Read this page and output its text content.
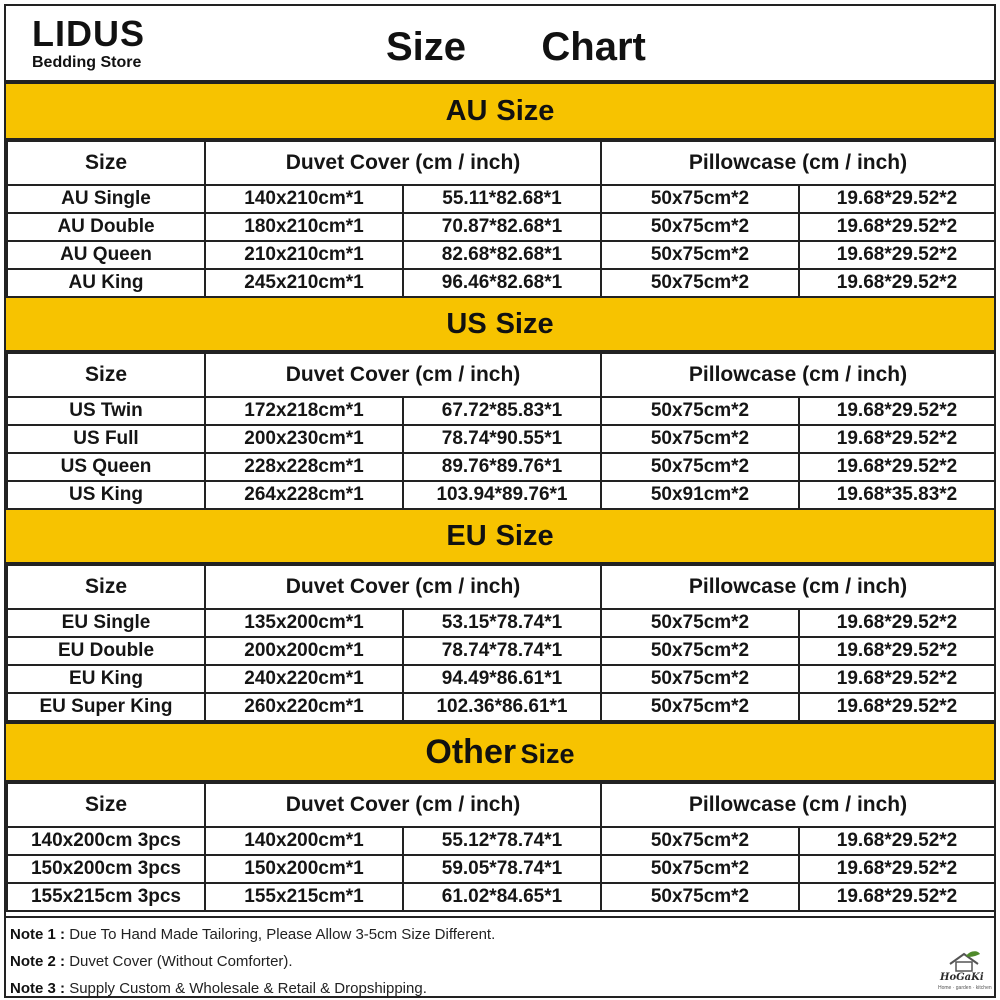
LIDUS
Bedding Store	Size   Chart
AU Size
Size	Duvet Cover (cm / inch)		Pillowcase (cm / inch)	
AU Single	140x210cm*1	55.11*82.68*1	50x75cm*2	19.68*29.52*2
AU Double	180x210cm*1	70.87*82.68*1	50x75cm*2	19.68*29.52*2
AU Queen	210x210cm*1	82.68*82.68*1	50x75cm*2	19.68*29.52*2
AU King	245x210cm*1	96.46*82.68*1	50x75cm*2	19.68*29.52*2
US Size
Size	Duvet Cover (cm / inch)		Pillowcase (cm / inch)	
US Twin	172x218cm*1	67.72*85.83*1	50x75cm*2	19.68*29.52*2
US Full	200x230cm*1	78.74*90.55*1	50x75cm*2	19.68*29.52*2
US Queen	228x228cm*1	89.76*89.76*1	50x75cm*2	19.68*29.52*2
US King	264x228cm*1	103.94*89.76*1	50x91cm*2	19.68*35.83*2
EU Size
Size	Duvet Cover (cm / inch)		Pillowcase (cm / inch)	
EU Single	135x200cm*1	53.15*78.74*1	50x75cm*2	19.68*29.52*2
EU Double	200x200cm*1	78.74*78.74*1	50x75cm*2	19.68*29.52*2
EU King	240x220cm*1	94.49*86.61*1	50x75cm*2	19.68*29.52*2
EU Super King	260x220cm*1	102.36*86.61*1	50x75cm*2	19.68*29.52*2
Other Size
Size	Duvet Cover (cm / inch)		Pillowcase (cm / inch)	
140x200cm 3pcs	140x200cm*1	55.12*78.74*1	50x75cm*2	19.68*29.52*2
150x200cm 3pcs	150x200cm*1	59.05*78.74*1	50x75cm*2	19.68*29.52*2
155x215cm 3pcs	155x215cm*1	61.02*84.65*1	50x75cm*2	19.68*29.52*2
Note 1 : Due To Hand Made Tailoring, Please Allow 3-5cm Size Different.
Note 2 : Duvet Cover (Without Comforter).
Note 3 : Supply Custom & Wholesale & Retail & Dropshipping.
HoGaKi
Home · garden · kitchen
